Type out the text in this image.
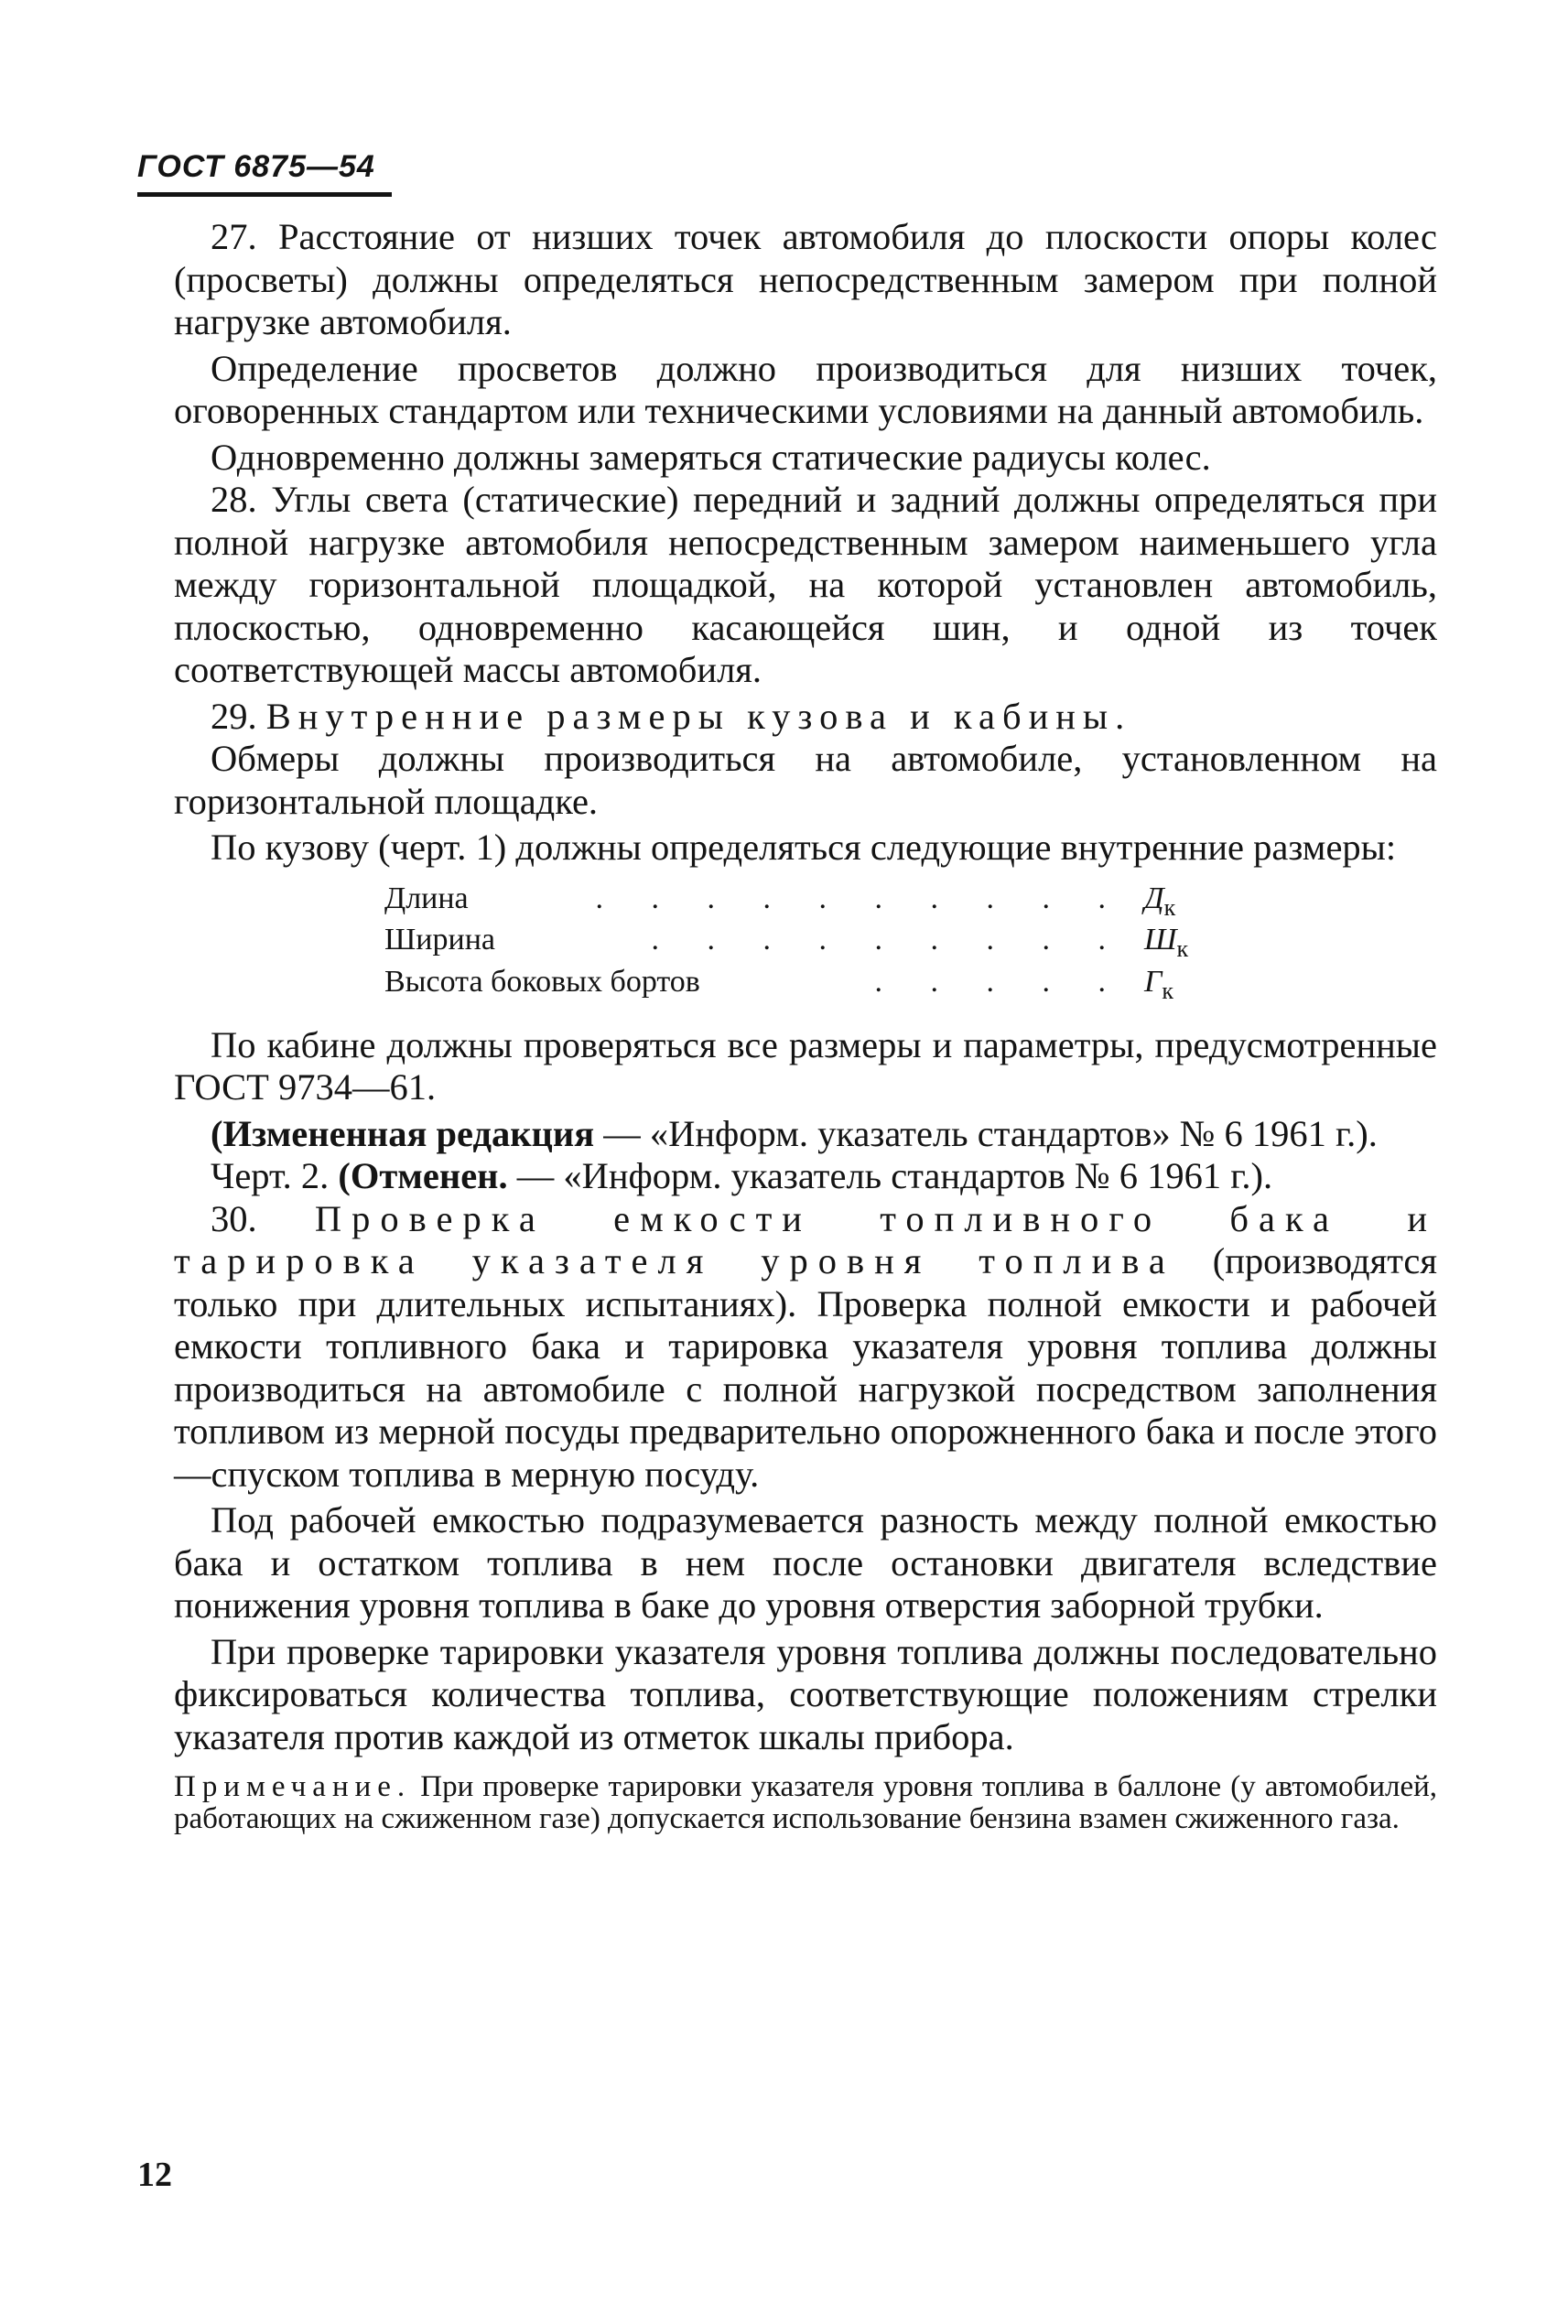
ГОСТ 6875—54

27. Расстояние от низших точек автомобиля до плоскости опоры колес (просветы) должны определяться непосредственным замером при полной нагрузке автомобиля.

Определение просветов должно производиться для низших точек, оговоренных стандартом или техническими условиями на данный автомобиль.

Одновременно должны замеряться статические радиусы колес.

28. Углы света (статические) передний и задний должны определяться при полной нагрузке автомобиля непосредственным замером наименьшего угла между горизонтальной площадкой, на которой установлен автомобиль, плоскостью, одновременно касающейся шин, и одной из точек соответствующей массы автомобиля.

29. Внутренние размеры кузова и кабины.

Обмеры должны производиться на автомобиле, установленном на горизонтальной площадке.

По кузову (черт. 1) должны определяться следующие внутренние размеры:

Длина	. . . . . . . . . . $Д_к$
Ширина	. . . . . . . . . $Ш_к$
Высота боковых бортов	. . . . . $Г_к$

По кабине должны проверяться все размеры и параметры, предусмотренные ГОСТ 9734—61.

(Измененная редакция — «Информ. указатель стандартов» № 6 1961 г.).

Черт. 2. (Отменен. — «Информ. указатель стандартов № 6 1961 г.).

30. Проверка емкости топливного бака и тарировка указателя уровня топлива (производятся только при длительных испытаниях). Проверка полной емкости и рабочей емкости топливного бака и тарировка указателя уровня топлива должны производиться на автомобиле с полной нагрузкой посредством заполнения топливом из мерной посуды предварительно опорожненного бака и после этого—спуском топлива в мерную посуду.

Под рабочей емкостью подразумевается разность между полной емкостью бака и остатком топлива в нем после остановки двигателя вследствие понижения уровня топлива в баке до уровня отверстия заборной трубки.

При проверке тарировки указателя уровня топлива должны последовательно фиксироваться количества топлива, соответствующие положениям стрелки указателя против каждой из отметок шкалы прибора.

Примечание. При проверке тарировки указателя уровня топлива в баллоне (у автомобилей, работающих на сжиженном газе) допускается использование бензина взамен сжиженного газа.

12
